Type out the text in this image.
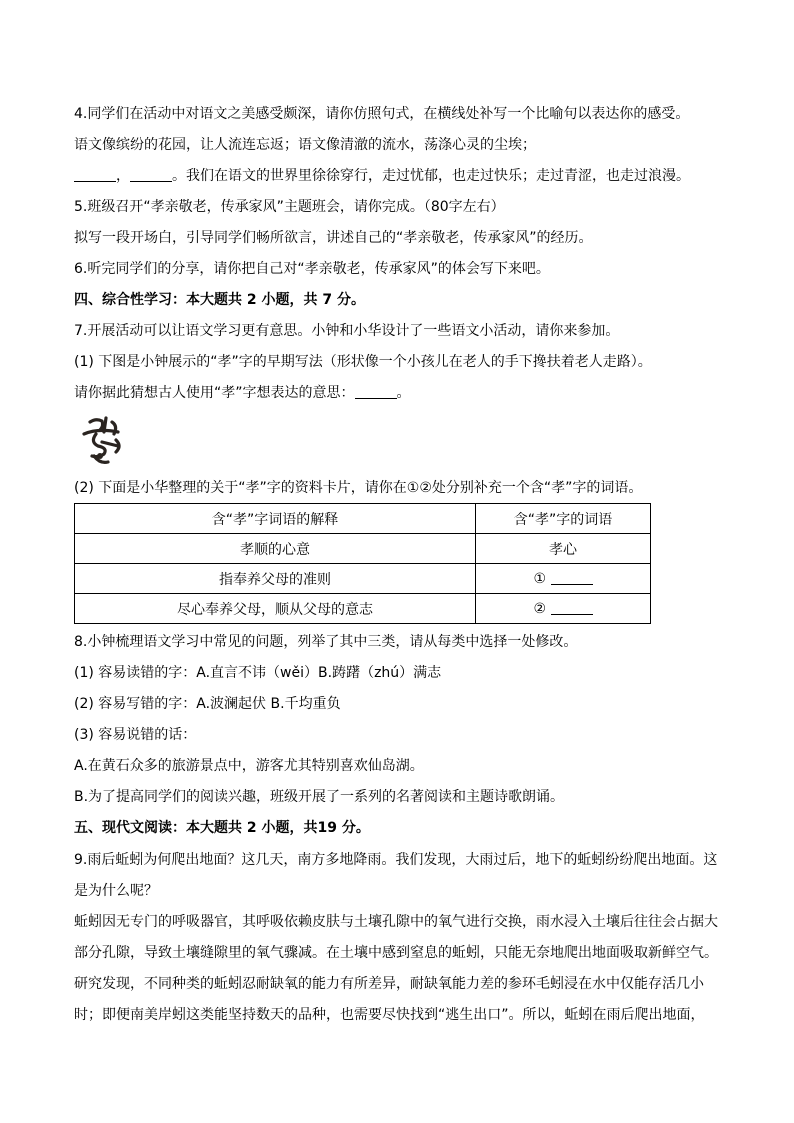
4.同学们在活动中对语文之美感受颇深，请你仿照句式，在横线处补写一个比喻句以表达你的感受。
语文像缤纷的花园，让人流连忘返；语文像清澈的流水，荡涤心灵的尘埃；
，	。我们在语文的世界里徐徐穿行，走过忧郁，也走过快乐；走过青涩，也走过浪漫。
5.班级召开“孝亲敬老，传承家风”主题班会，请你完成。（80字左右）
拟写一段开场白，引导同学们畅所欲言，讲述自己的“孝亲敬老，传承家风”的经历。
6.听完同学们的分享，请你把自己对“孝亲敬老，传承家风”的体会写下来吧。
四、综合性学习：本大题共 2 小题，共 7 分。
7.开展活动可以让语文学习更有意思。小钟和小华设计了一些语文小活动，请你来参加。
(1) 下图是小钟展示的“孝”字的早期写法（形状像一个小孩儿在老人的手下搀扶着老人走路）。
请你据此猜想古人使用“孝”字想表达的意思：	。
(2) 下面是小华整理的关于“孝”字的资料卡片，请你在①②处分别补充一个含“孝”字的词语。
含“孝”字词语的解释	含“孝”字的词语
孝顺的心意	孝心
指奉养父母的准则	①
尽心奉养父母，顺从父母的意志	②
8.小钟梳理语文学习中常见的问题，列举了其中三类，请从每类中选择一处修改。
(1) 容易读错的字：A.直言不讳（wěi）B.踌躇（zhú）满志
(2) 容易写错的字：A.波澜起伏 B.千均重负
(3) 容易说错的话：
A.在黄石众多的旅游景点中，游客尤其特别喜欢仙岛湖。
B.为了提高同学们的阅读兴趣，班级开展了一系列的名著阅读和主题诗歌朗诵。
五、现代文阅读：本大题共 2 小题，共19 分。
9.雨后蚯蚓为何爬出地面？这几天，南方多地降雨。我们发现，大雨过后，地下的蚯蚓纷纷爬出地面。这
是为什么呢？
蚯蚓因无专门的呼吸器官，其呼吸依赖皮肤与土壤孔隙中的氧气进行交换，雨水浸入土壤后往往会占据大
部分孔隙，导致土壤缝隙里的氧气骤减。在土壤中感到窒息的蚯蚓，只能无奈地爬出地面吸取新鲜空气。
研究发现，不同种类的蚯蚓忍耐缺氧的能力有所差异，耐缺氧能力差的参环毛蚓浸在水中仅能存活几小
时；即便南美岸蚓这类能坚持数天的品种，也需要尽快找到“逃生出口”。所以，蚯蚓在雨后爬出地面，
